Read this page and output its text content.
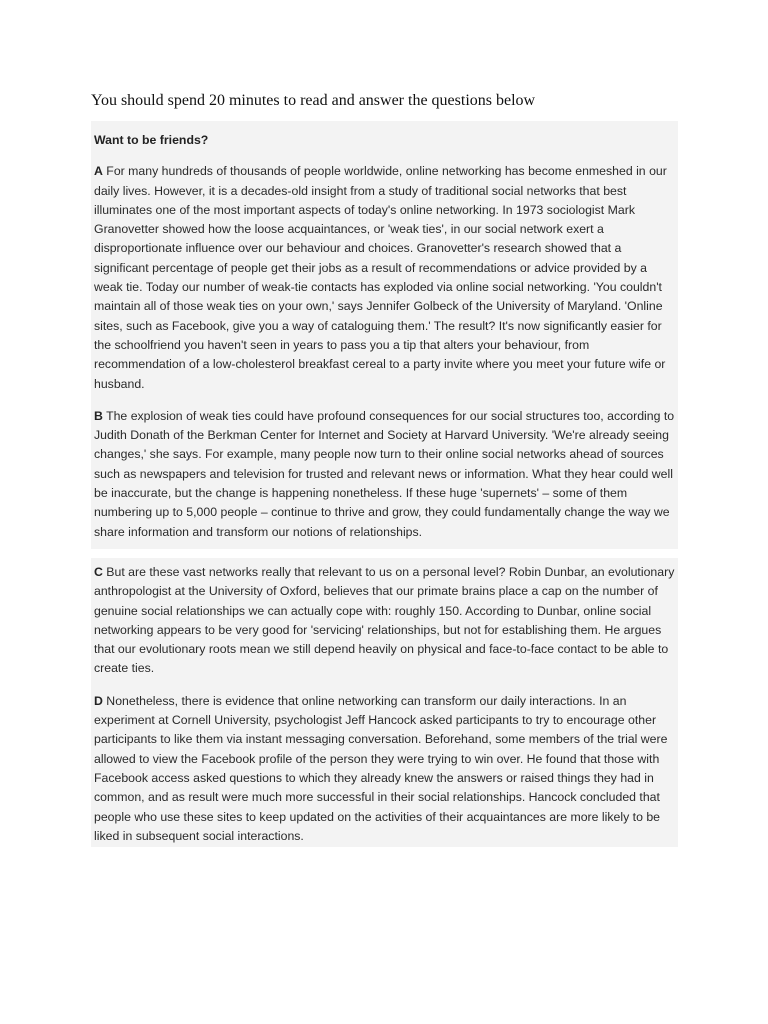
You should spend 20 minutes to read and answer the questions below
Want to be friends?

A For many hundreds of thousands of people worldwide, online networking has become enmeshed in our daily lives. However, it is a decades-old insight from a study of traditional social networks that best illuminates one of the most important aspects of today's online networking. In 1973 sociologist Mark Granovetter showed how the loose acquaintances, or 'weak ties', in our social network exert a disproportionate influence over our behaviour and choices. Granovetter's research showed that a significant percentage of people get their jobs as a result of recommendations or advice provided by a weak tie. Today our number of weak-tie contacts has exploded via online social networking. 'You couldn't maintain all of those weak ties on your own,' says Jennifer Golbeck of the University of Maryland. 'Online sites, such as Facebook, give you a way of cataloguing them.' The result? It's now significantly easier for the schoolfriend you haven't seen in years to pass you a tip that alters your behaviour, from recommendation of a low-cholesterol breakfast cereal to a party invite where you meet your future wife or husband.

B The explosion of weak ties could have profound consequences for our social structures too, according to Judith Donath of the Berkman Center for Internet and Society at Harvard University. 'We're already seeing changes,' she says. For example, many people now turn to their online social networks ahead of sources such as newspapers and television for trusted and relevant news or information. What they hear could well be inaccurate, but the change is happening nonetheless. If these huge 'supernets' – some of them numbering up to 5,000 people – continue to thrive and grow, they could fundamentally change the way we share information and transform our notions of relationships.

C But are these vast networks really that relevant to us on a personal level? Robin Dunbar, an evolutionary anthropologist at the University of Oxford, believes that our primate brains place a cap on the number of genuine social relationships we can actually cope with: roughly 150. According to Dunbar, online social networking appears to be very good for 'servicing' relationships, but not for establishing them. He argues that our evolutionary roots mean we still depend heavily on physical and face-to-face contact to be able to create ties.

D Nonetheless, there is evidence that online networking can transform our daily interactions. In an experiment at Cornell University, psychologist Jeff Hancock asked participants to try to encourage other participants to like them via instant messaging conversation. Beforehand, some members of the trial were allowed to view the Facebook profile of the person they were trying to win over. He found that those with Facebook access asked questions to which they already knew the answers or raised things they had in common, and as result were much more successful in their social relationships. Hancock concluded that people who use these sites to keep updated on the activities of their acquaintances are more likely to be liked in subsequent social interactions.
